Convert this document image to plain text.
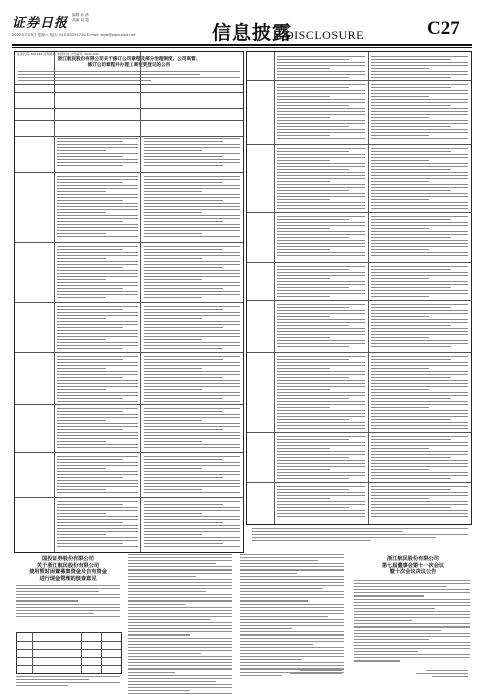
证券日报
编辑 孙 倩
美编 刘 超
2022年7月9日 星期六 电话: 010-83251716 E-mail: zqrb@zqrb.sina.net	信息披露
DISCLOSURE	C27
证券代码: 601618 证券简称: 中国中冶 公告编号: 2022-044
浙江航民股份有限公司关于修订公司章程及部分治理制度、公司高管、
修订公司章程并办理工商变更登记的公告
国投证券股份有限公司
关于浙江航民股份有限公司
使用暂时闲置募集资金及自有资金
进行现金管理的核查意见
浙江航民股份有限公司
第七届董事会第十一次会议
暨十次会议决议公告
